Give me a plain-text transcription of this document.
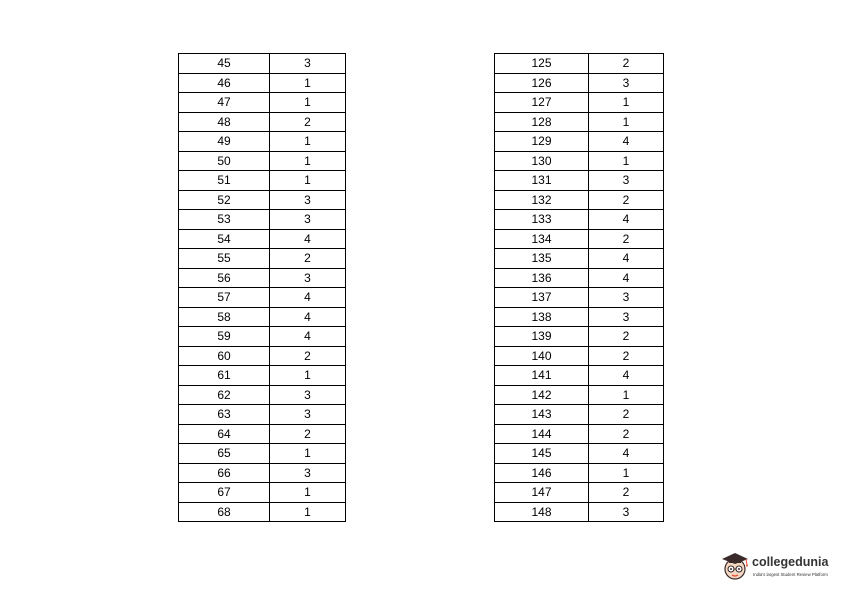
45	3
46	1
47	1
48	2
49	1
50	1
51	1
52	3
53	3
54	4
55	2
56	3
57	4
58	4
59	4
60	2
61	1
62	3
63	3
64	2
65	1
66	3
67	1
68	1
125	2
126	3
127	1
128	1
129	4
130	1
131	3
132	2
133	4
134	2
135	4
136	4
137	3
138	3
139	2
140	2
141	4
142	1
143	2
144	2
145	4
146	1
147	2
148	3
collegedunia
India's largest Student Review Platform
